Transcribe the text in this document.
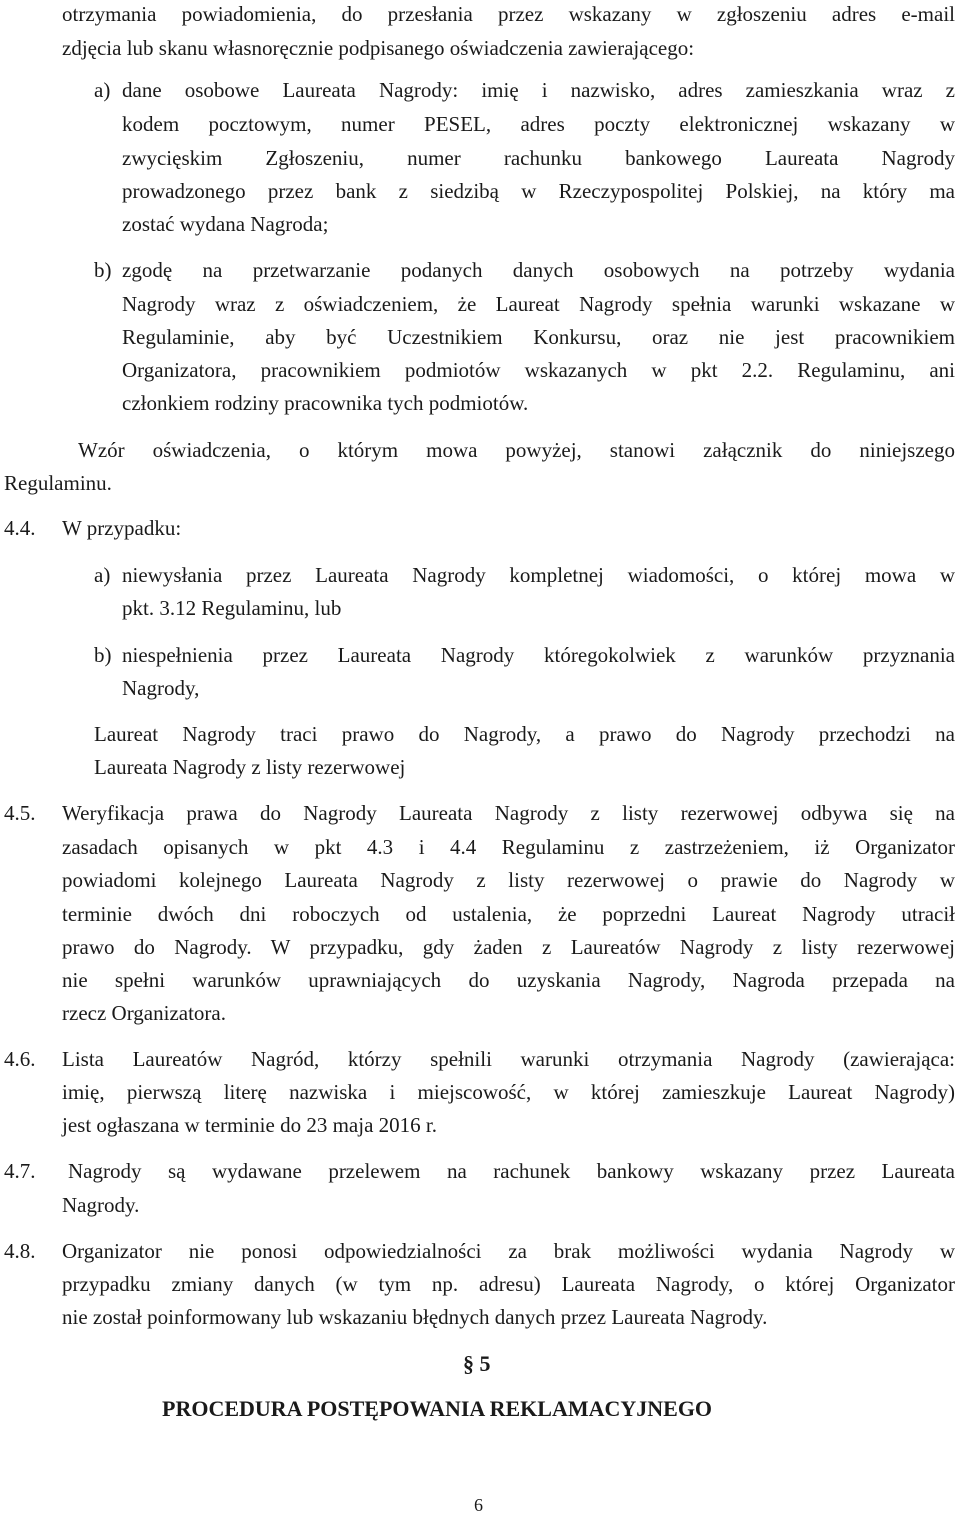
otrzymania powiadomienia, do przesłania przez wskazany w zgłoszeniu adres e-mail
zdjęcia lub skanu własnoręcznie podpisanego oświadczenia zawierającego:
a) dane osobowe Laureata Nagrody: imię i nazwisko, adres zamieszkania wraz z
kodem pocztowym, numer PESEL, adres poczty elektronicznej wskazany w
zwycięskim Zgłoszeniu, numer rachunku bankowego Laureata Nagrody
prowadzonego przez bank z siedzibą w Rzeczypospolitej Polskiej, na który ma
zostać wydana Nagroda;
b) zgodę na przetwarzanie podanych danych osobowych na potrzeby wydania
Nagrody wraz z oświadczeniem, że Laureat Nagrody spełnia warunki wskazane w
Regulaminie, aby być Uczestnikiem Konkursu, oraz nie jest pracownikiem
Organizatora, pracownikiem podmiotów wskazanych w pkt 2.2. Regulaminu, ani
członkiem rodziny pracownika tych podmiotów.
Wzór oświadczenia, o którym mowa powyżej, stanowi załącznik do niniejszego
Regulaminu.
4.4. W przypadku:
a) niewysłania przez Laureata Nagrody kompletnej wiadomości, o której mowa w
pkt. 3.12 Regulaminu, lub
b) niespełnienia przez Laureata Nagrody któregokolwiek z warunków przyznania
Nagrody,
Laureat Nagrody traci prawo do Nagrody, a prawo do Nagrody przechodzi na
Laureata Nagrody z listy rezerwowej
4.5. Weryfikacja prawa do Nagrody Laureata Nagrody z listy rezerwowej odbywa się na
zasadach opisanych w pkt 4.3 i 4.4 Regulaminu z zastrzeżeniem, iż Organizator
powiadomi kolejnego Laureata Nagrody z listy rezerwowej o prawie do Nagrody w
terminie dwóch dni roboczych od ustalenia, że poprzedni Laureat Nagrody utracił
prawo do Nagrody. W przypadku, gdy żaden z Laureatów Nagrody z listy rezerwowej
nie spełni warunków uprawniających do uzyskania Nagrody, Nagroda przepada na
rzecz Organizatora.
4.6. Lista Laureatów Nagród, którzy spełnili warunki otrzymania Nagrody (zawierająca:
imię, pierwszą literę nazwiska i miejscowość, w której zamieszkuje Laureat Nagrody)
jest ogłaszana w terminie do 23 maja 2016 r.
4.7. Nagrody są wydawane przelewem na rachunek bankowy wskazany przez Laureata
Nagrody.
4.8. Organizator nie ponosi odpowiedzialności za brak możliwości wydania Nagrody w
przypadku zmiany danych (w tym np. adresu) Laureata Nagrody, o której Organizator
nie został poinformowany lub wskazaniu błędnych danych przez Laureata Nagrody.
§ 5
PROCEDURA POSTĘPOWANIA REKLAMACYJNEGO
6
